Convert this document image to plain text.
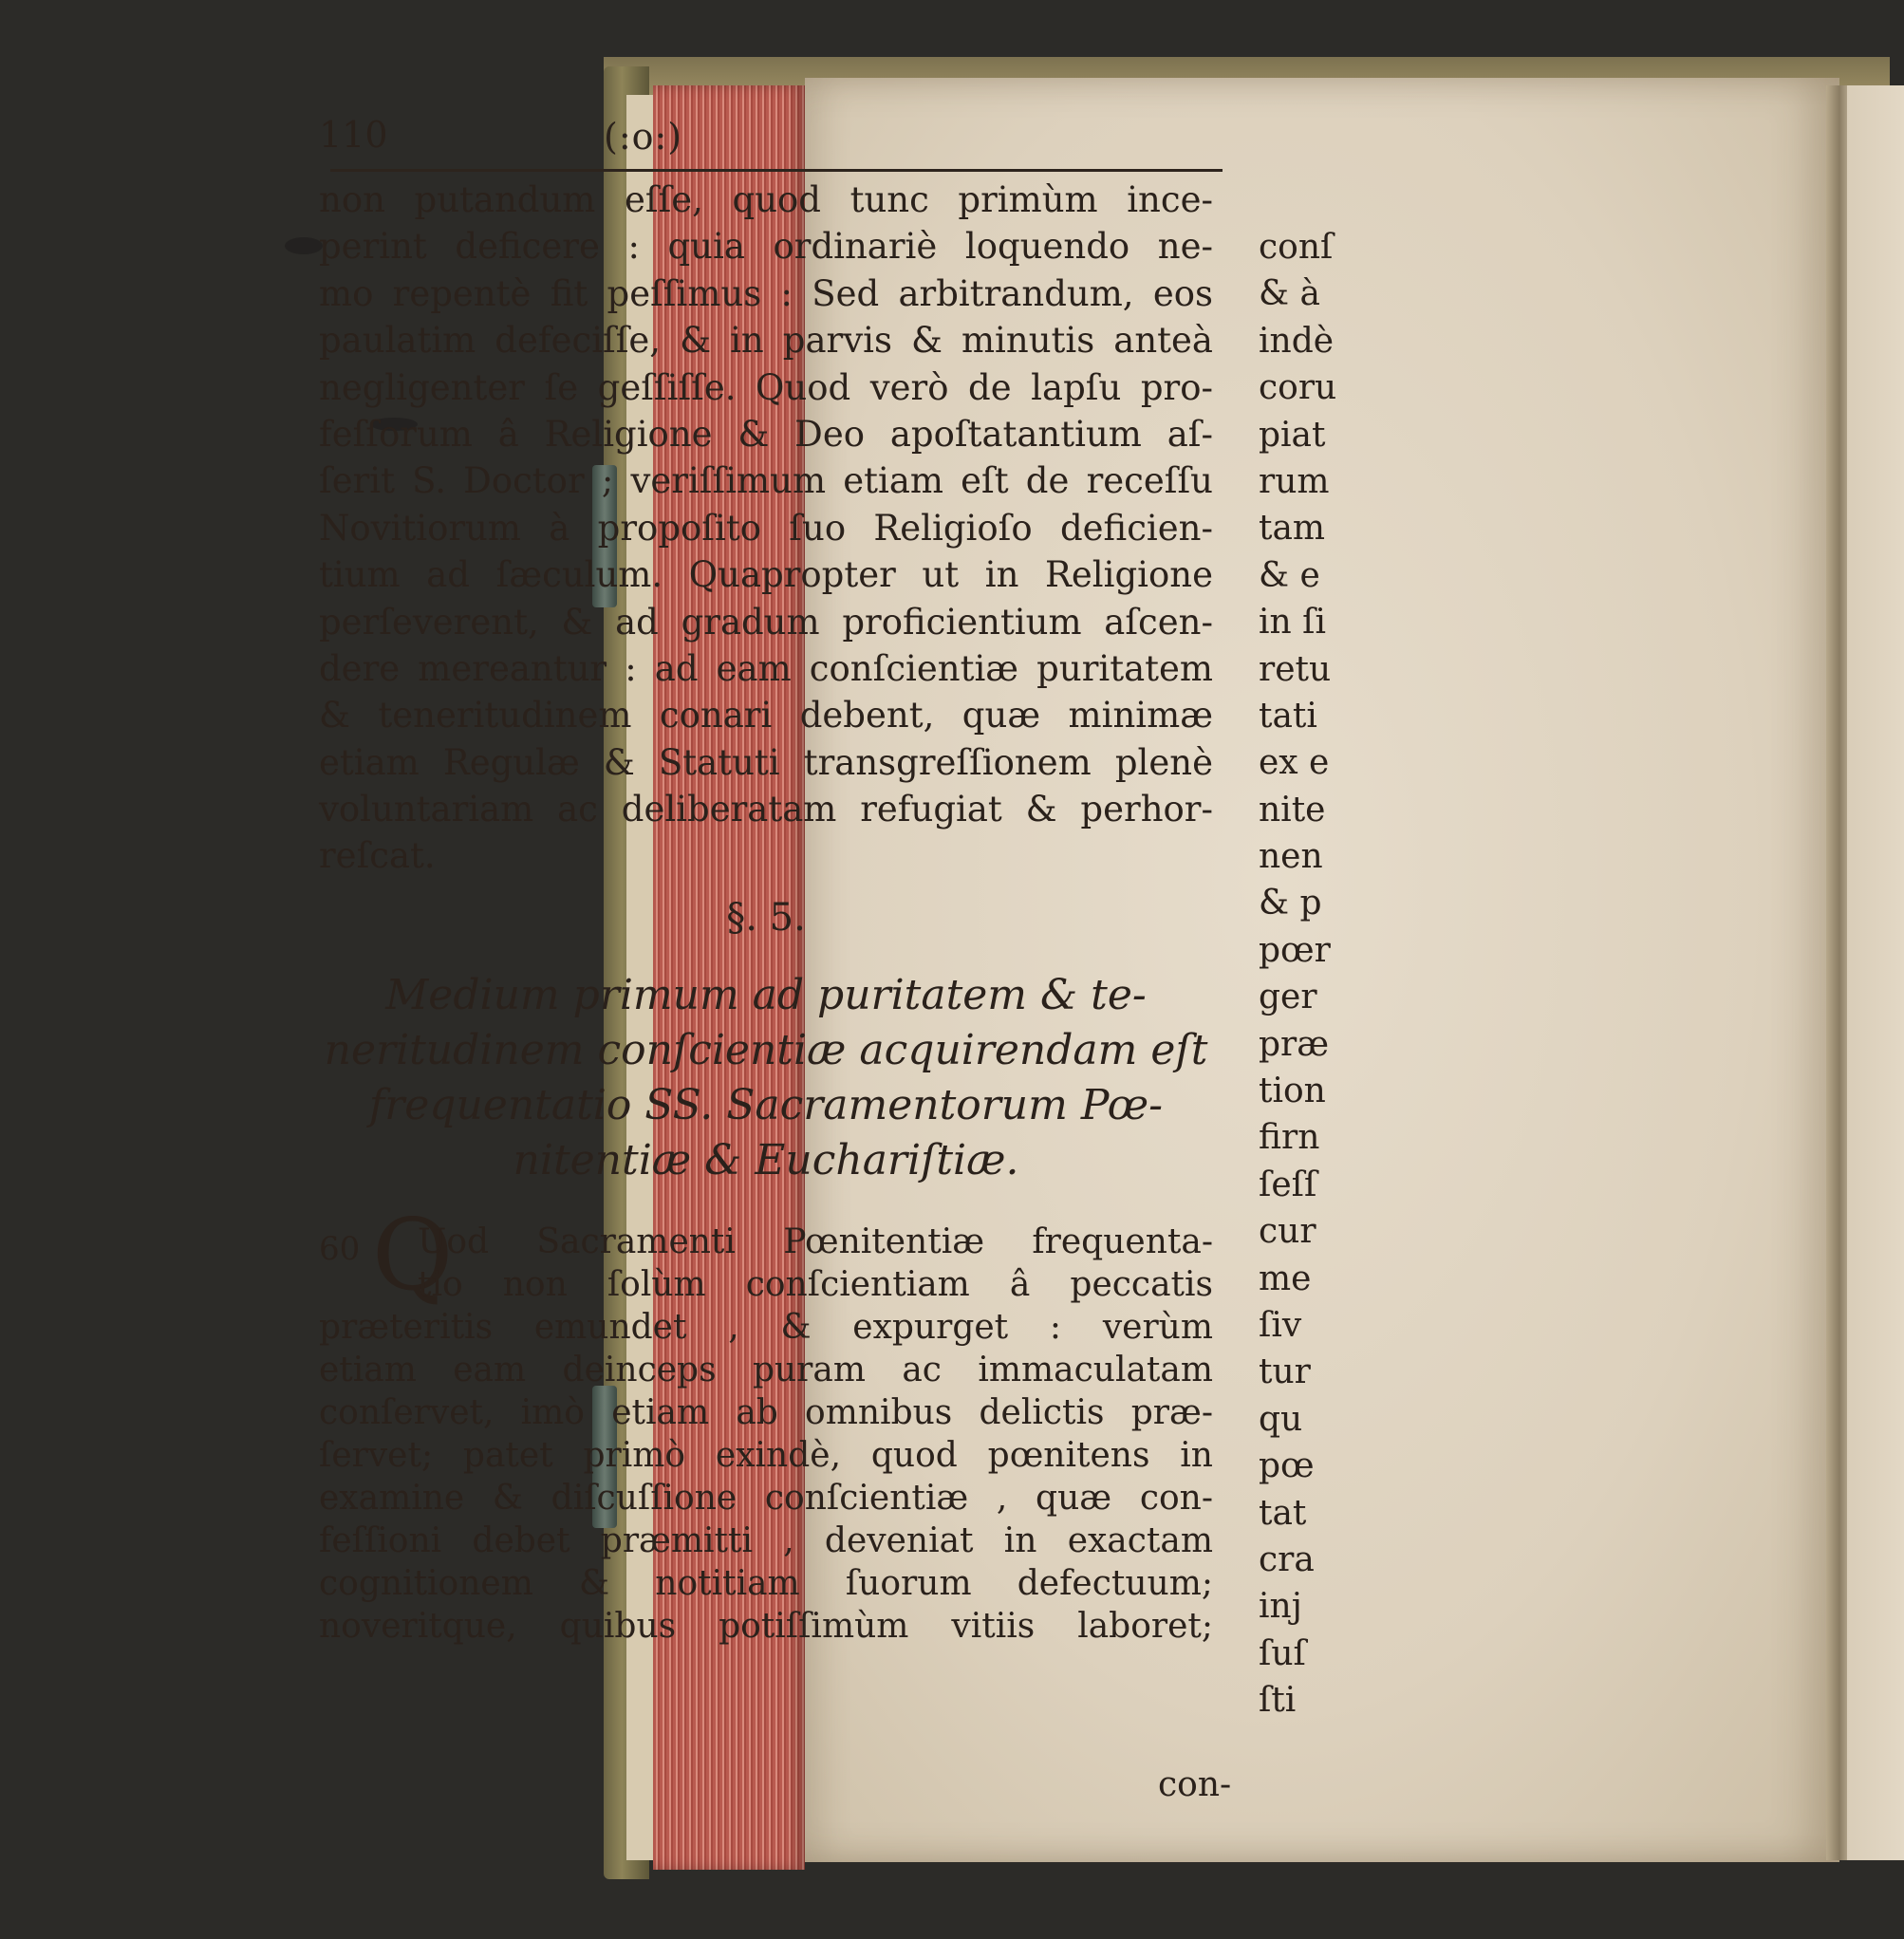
110	(:o:)
non putandum eſſe, quod tunc primùm ince-
perint deficere : quia ordinariè loquendo ne-
mo repentè fit peſſimus : Sed arbitrandum, eos
paulatim defeciſſe, & in parvis & minutis anteà
negligenter ſe geſſiſſe. Quod verò de lapſu pro-
feſſorum â Religione & Deo apoſtatantium aſ-
ſerit S. Doctor ; veriſſimum etiam eſt de receſſu
Novitiorum à propoſito ſuo Religioſo deficien-
tium ad ſæculum. Quapropter ut in Religione
perſeverent, & ad gradum proficientium aſcen-
dere mereantur : ad eam conſcientiæ puritatem
& teneritudinem conari debent, quæ minimæ
etiam Regulæ & Statuti transgreſſionem plenè
voluntariam ac deliberatam refugiat & perhor-
reſcat.
§. 5.
Medium primum ad puritatem & te-
neritudinem conſcientiæ acquirendam eſt
frequentatio SS. Sacramentorum Pœ-
nitentiæ & Euchariſtiæ.
60 Q
Uod Sacramenti Pœnitentiæ frequenta-
tio non ſolùm conſcientiam â peccatis
præteritis emundet , & expurget : verùm
etiam eam deinceps puram ac immaculatam
conſervet, imò etiam ab omnibus delictis præ-
ſervet; patet primò exindè, quod pœnitens in
examine & diſcuſſione conſcientiæ , quæ con-
feſſioni debet præmitti , deveniat in exactam
cognitionem & notitiam ſuorum defectuum;
noveritque, quibus potiſſimùm vitiis laboret;
con-
conſ
& à
indè
coru
piat
rum
tam
& e
in ſi
retu
tati
ex e
nite
nen
& p
pœr
ger
præ
tion
firn
ſeſſ
cur
me
ſiv
tur
qu
pœ
tat
cra
inj
ſuſ
ſti
